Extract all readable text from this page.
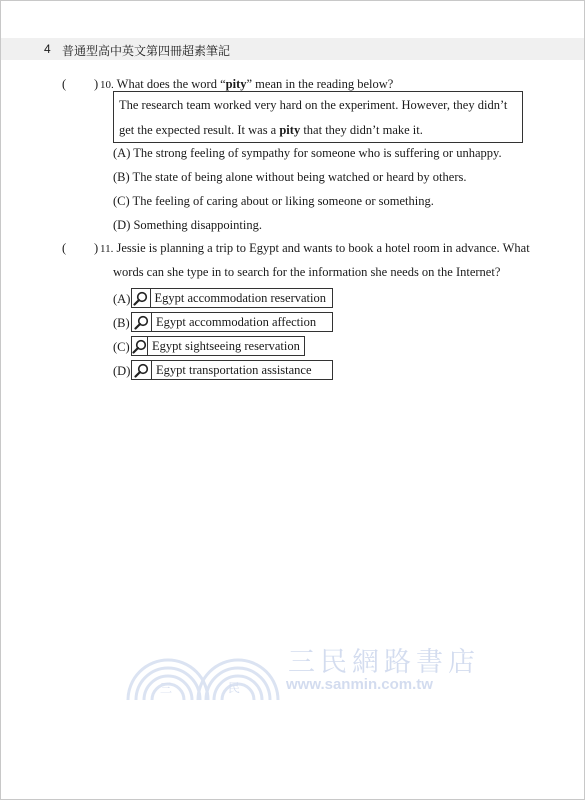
4 普通型高中英文第四冊超素筆記
( ) 10. What does the word “pity” mean in the reading below?
The research team worked very hard on the experiment. However, they didn’t
get the expected result. It was a pity that they didn’t make it.
(A) The strong feeling of sympathy for someone who is suffering or unhappy.
(B) The state of being alone without being watched or heard by others.
(C) The feeling of caring about or liking someone or something.
(D) Something disappointing.
( ) 11. Jessie is planning a trip to Egypt and wants to book a hotel room in advance. What
words can she type in to search for the information she needs on the Internet?
(A)	Egypt accommodation reservation
(B)	Egypt accommodation affection
(C)	Egypt sightseeing reservation
(D)	Egypt transportation assistance
三	民
三民網路書店
www.sanmin.com.tw
